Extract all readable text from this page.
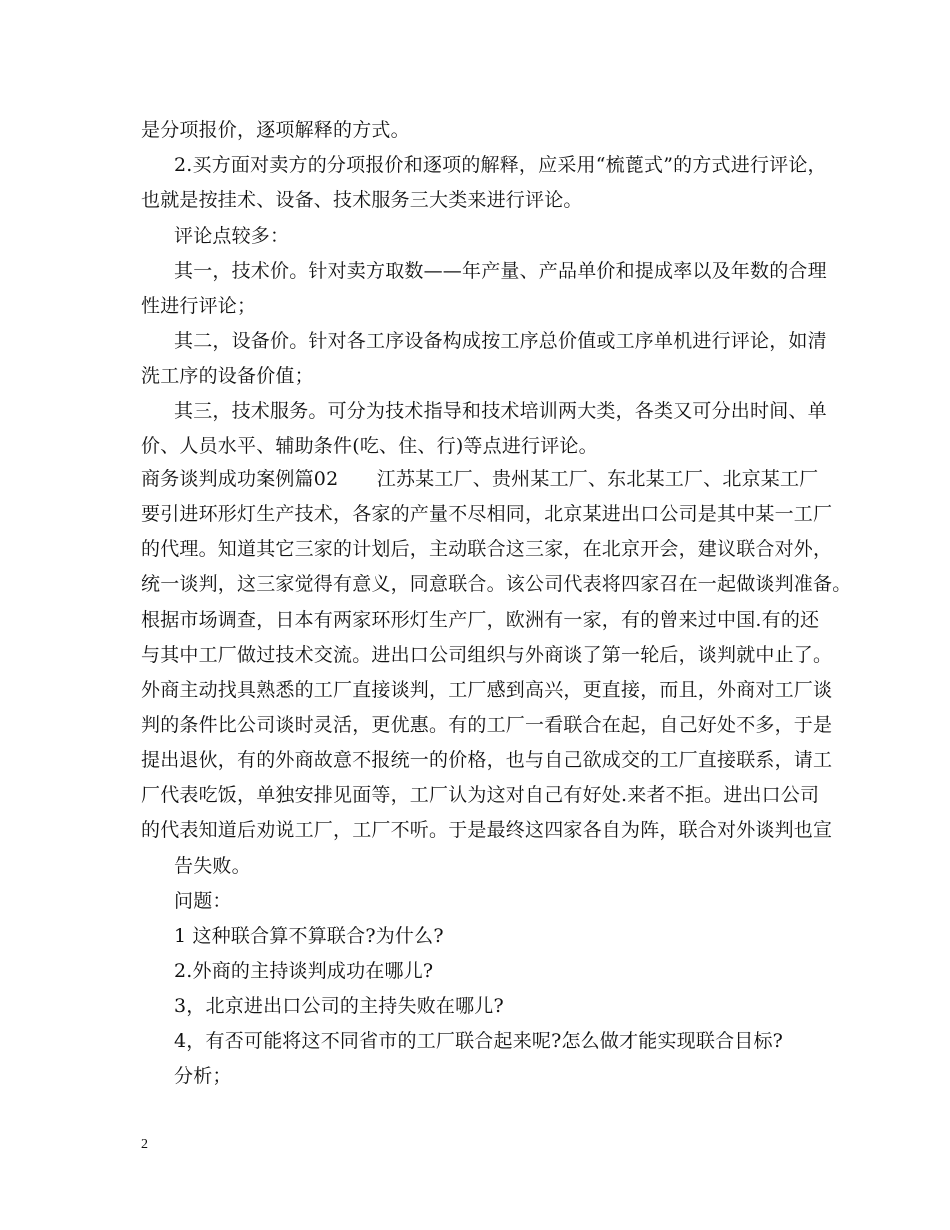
是分项报价，逐项解释的方式。
2.买方面对卖方的分项报价和逐项的解释，应采用“梳蓖式”的方式进行评论，
也就是按挂术、设备、技术服务三大类来进行评论。
评论点较多：
其一，技术价。针对卖方取数——年产量、产品单价和提成率以及年数的合理
性进行评论；
其二，设备价。针对各工序设备构成按工序总价值或工序单机进行评论，如清
洗工序的设备价值；
其三，技术服务。可分为技术指导和技术培训两大类，各类又可分出时间、单
价、人员水平、辅助条件(吃、住、行)等点进行评论。
商务谈判成功案例篇02　　江苏某工厂、贵州某工厂、东北某工厂、北京某工厂
要引进环形灯生产技术，各家的产量不尽相同，北京某进出口公司是其中某一工厂
的代理。知道其它三家的计划后，主动联合这三家，在北京开会，建议联合对外，
统一谈判，这三家觉得有意义，同意联合。该公司代表将四家召在一起做谈判准备。
根据市场调查，日本有两家环形灯生产厂，欧洲有一家，有的曾来过中国.有的还
与其中工厂做过技术交流。进出口公司组织与外商谈了第一轮后，谈判就中止了。
外商主动找具熟悉的工厂直接谈判，工厂感到高兴，更直接，而且，外商对工厂谈
判的条件比公司谈时灵活，更优惠。有的工厂一看联合在起，自己好处不多，于是
提出退伙，有的外商故意不报统一的价格，也与自己欲成交的工厂直接联系，请工
厂代表吃饭，单独安排见面等，工厂认为这对自己有好处.来者不拒。进出口公司
的代表知道后劝说工厂，工厂不听。于是最终这四家各自为阵，联合对外谈判也宣
告失败。
问题：
1 这种联合算不算联合?为什么?
2.外商的主持谈判成功在哪儿?
3，北京进出口公司的主持失败在哪儿?
4，有否可能将这不同省市的工厂联合起来呢?怎么做才能实现联合目标?
分析；
2
